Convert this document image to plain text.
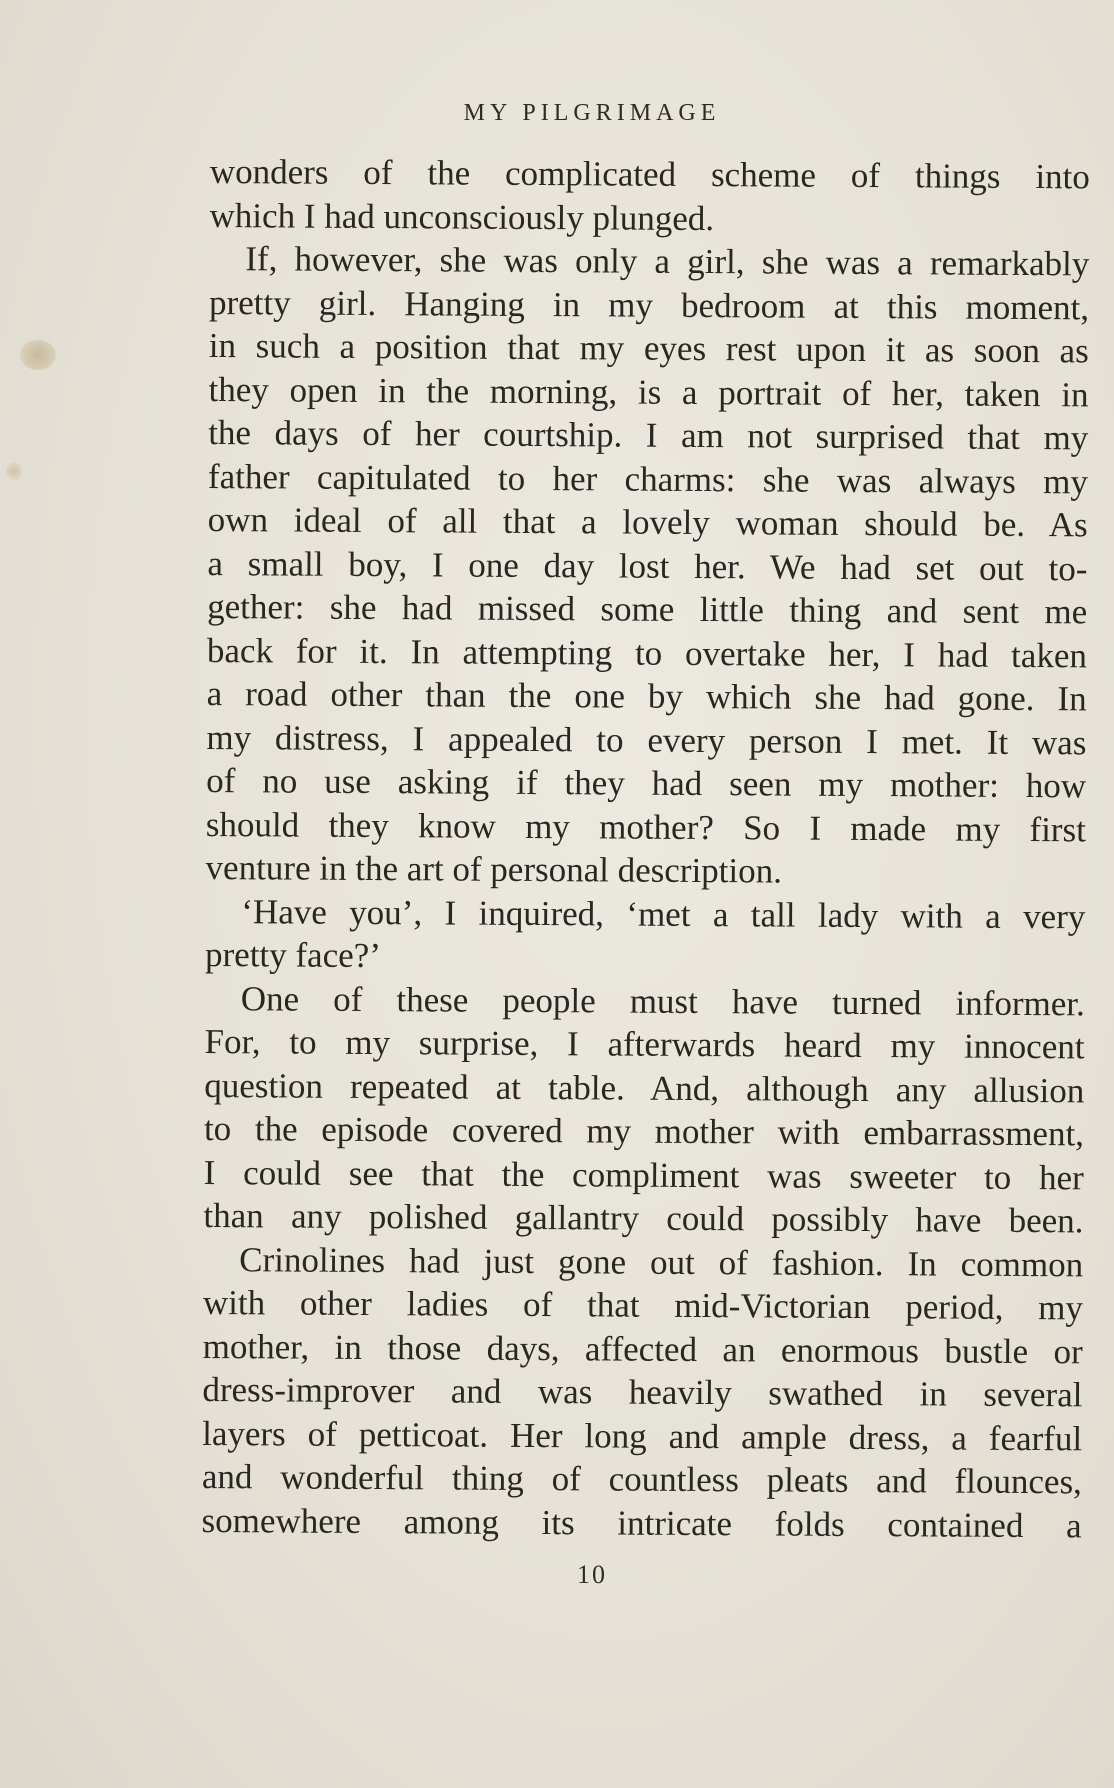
MY PILGRIMAGE
wonders of the complicated scheme of things into
which I had unconsciously plunged.
If, however, she was only a girl, she was a remarkably
pretty girl. Hanging in my bedroom at this moment,
in such a position that my eyes rest upon it as soon as
they open in the morning, is a portrait of her, taken in
the days of her courtship. I am not surprised that my
father capitulated to her charms: she was always my
own ideal of all that a lovely woman should be. As
a small boy, I one day lost her. We had set out to-
gether: she had missed some little thing and sent me
back for it. In attempting to overtake her, I had taken
a road other than the one by which she had gone. In
my distress, I appealed to every person I met. It was
of no use asking if they had seen my mother: how
should they know my mother? So I made my first
venture in the art of personal description.
‘Have you’, I inquired, ‘met a tall lady with a very
pretty face?’
One of these people must have turned informer.
For, to my surprise, I afterwards heard my innocent
question repeated at table. And, although any allusion
to the episode covered my mother with embarrassment,
I could see that the compliment was sweeter to her
than any polished gallantry could possibly have been.
Crinolines had just gone out of fashion. In common
with other ladies of that mid-Victorian period, my
mother, in those days, affected an enormous bustle or
dress-improver and was heavily swathed in several
layers of petticoat. Her long and ample dress, a fearful
and wonderful thing of countless pleats and flounces,
somewhere among its intricate folds contained a
10
